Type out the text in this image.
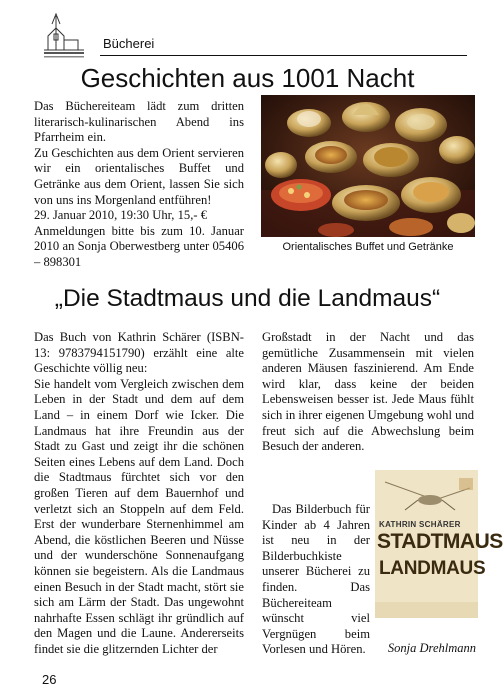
Bücherei
Geschichten aus 1001 Nacht

Das Büchereiteam lädt zum dritten literarisch-kulinarischen Abend ins Pfarrheim ein.

Zu Geschichten aus dem Orient servieren wir ein orientalisches Buffet und Getränke aus dem Orient, lassen Sie sich von uns ins Morgenland entführen!

29. Januar 2010, 19:30 Uhr, 15,- €

Anmeldungen bitte bis zum 10. Januar 2010 an Sonja Oberwestberg unter 05406 – 898301

Orientalisches Buffet und Getränke
„Die Stadtmaus und die Landmaus“

Das Buch von Kathrin Schärer (ISBN-13: 9783794151790) erzählt eine alte Geschichte völlig neu:

Sie handelt vom Vergleich zwischen dem Leben in der Stadt und dem auf dem Land – in einem Dorf wie Icker. Die Landmaus hat ihre Freundin aus der Stadt zu Gast und zeigt ihr die schönen Seiten eines Lebens auf dem Land. Doch die Stadtmaus fürchtet sich vor den großen Tieren auf dem Bauernhof und verletzt sich an Stoppeln auf dem Feld. Erst der wunderbare Sternenhimmel am Abend, die köstlichen Beeren und Nüsse und der wunderschöne Sonnenaufgang können sie begeistern. Als die Landmaus einen Besuch in der Stadt macht, stört sie sich am Lärm der Stadt. Das ungewohnt nahrhafte Essen schlägt ihr gründlich auf den Magen und die Laune. Andererseits findet sie die glitzernden Lichter der

Großstadt in der Nacht und das gemütliche Zusammensein mit vielen anderen Mäusen faszinierend. Am Ende wird klar, dass keine der beiden Lebensweisen besser ist. Jede Maus fühlt sich in ihrer eigenen Umgebung wohl und freut sich auf die Abwechslung beim Besuch der anderen.

Das Bilderbuch für Kinder ab 4 Jahren ist neu in der Bilderbuchkiste unserer Bücherei zu finden. Das Büchereiteam wünscht viel Vergnügen beim Vorlesen und Hören.

KATHRIN SCHÄRER
STADTMAUS
LANDMAUS
Sonja Drehlmann
26
